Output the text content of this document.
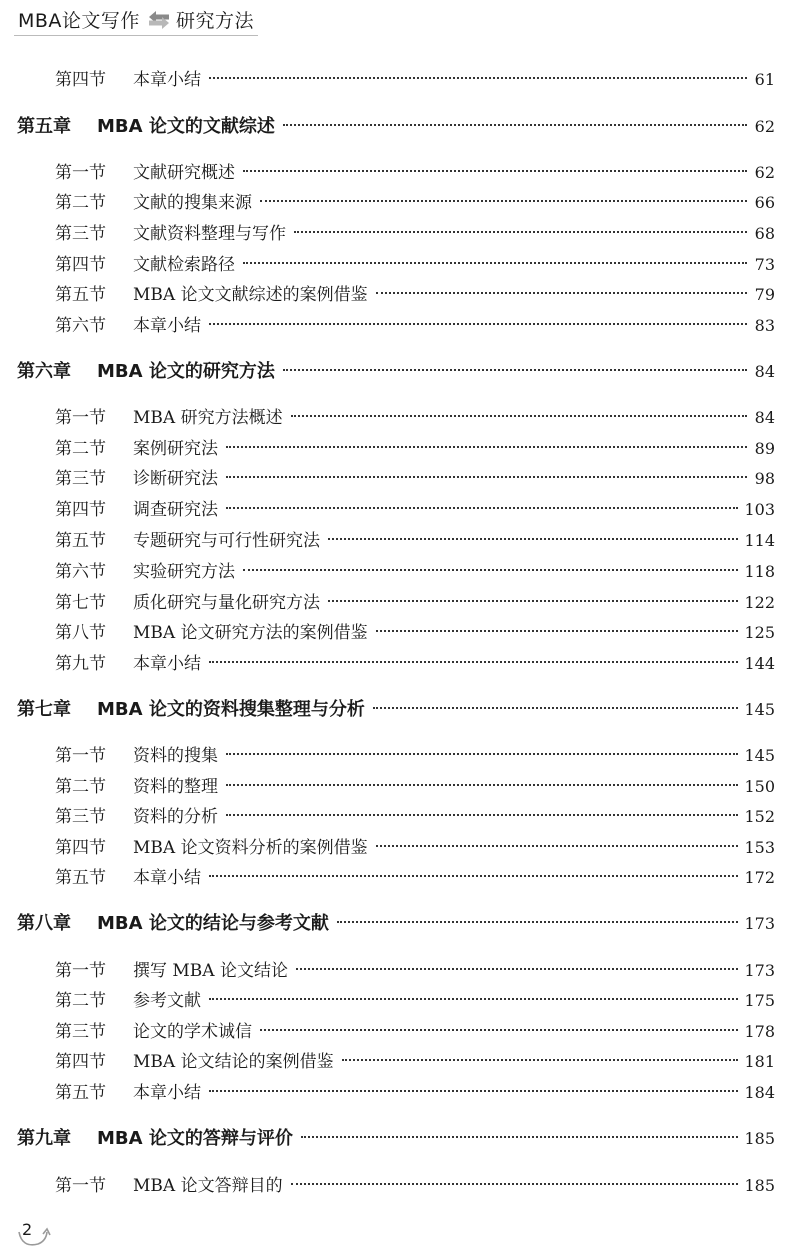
MBA论文写作 研究方法
第四节	本章小结	61
第五章	MBA 论文的文献综述	62
第一节	文献研究概述	62
第二节	文献的搜集来源	66
第三节	文献资料整理与写作	68
第四节	文献检索路径	73
第五节	MBA 论文文献综述的案例借鉴	79
第六节	本章小结	83
第六章	MBA 论文的研究方法	84
第一节	MBA 研究方法概述	84
第二节	案例研究法	89
第三节	诊断研究法	98
第四节	调查研究法	103
第五节	专题研究与可行性研究法	114
第六节	实验研究方法	118
第七节	质化研究与量化研究方法	122
第八节	MBA 论文研究方法的案例借鉴	125
第九节	本章小结	144
第七章	MBA 论文的资料搜集整理与分析	145
第一节	资料的搜集	145
第二节	资料的整理	150
第三节	资料的分析	152
第四节	MBA 论文资料分析的案例借鉴	153
第五节	本章小结	172
第八章	MBA 论文的结论与参考文献	173
第一节	撰写 MBA 论文结论	173
第二节	参考文献	175
第三节	论文的学术诚信	178
第四节	MBA 论文结论的案例借鉴	181
第五节	本章小结	184
第九章	MBA 论文的答辩与评价	185
第一节	MBA 论文答辩目的	185
2
